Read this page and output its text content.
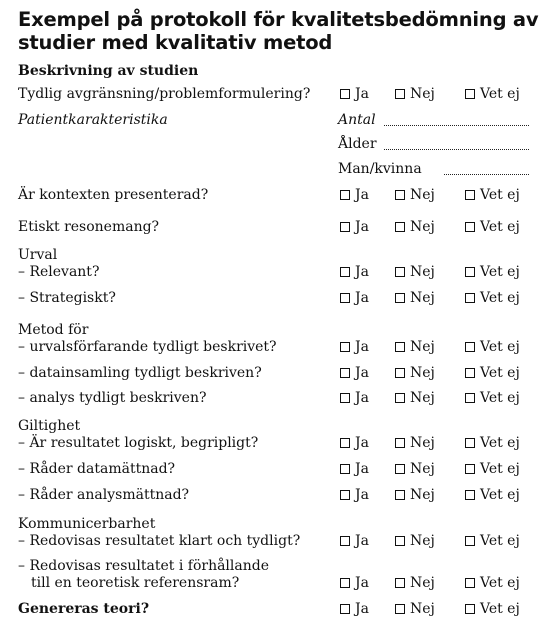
Exempel på protokoll för kvalitetsbedömning av
studier med kvalitativ metod
Beskrivning av studien
Tydlig avgränsning/problemformulering?	Ja	Nej	Vet ej
Patientkarakteristika	Antal
Ålder
Man/kvinna
Är kontexten presenterad?	Ja	Nej	Vet ej
Etiskt resonemang?	Ja	Nej	Vet ej
Urval
– Relevant?	Ja	Nej	Vet ej
– Strategiskt?	Ja	Nej	Vet ej
Metod för
– urvalsförfarande tydligt beskrivet?	Ja	Nej	Vet ej
– datainsamling tydligt beskriven?	Ja	Nej	Vet ej
– analys tydligt beskriven?	Ja	Nej	Vet ej
Giltighet
– Är resultatet logiskt, begripligt?	Ja	Nej	Vet ej
– Råder datamättnad?	Ja	Nej	Vet ej
– Råder analysmättnad?	Ja	Nej	Vet ej
Kommunicerbarhet
– Redovisas resultatet klart och tydligt?	Ja	Nej	Vet ej
– Redovisas resultatet i förhållande
till en teoretisk referensram?	Ja	Nej	Vet ej
Genereras teori?	Ja	Nej	Vet ej
